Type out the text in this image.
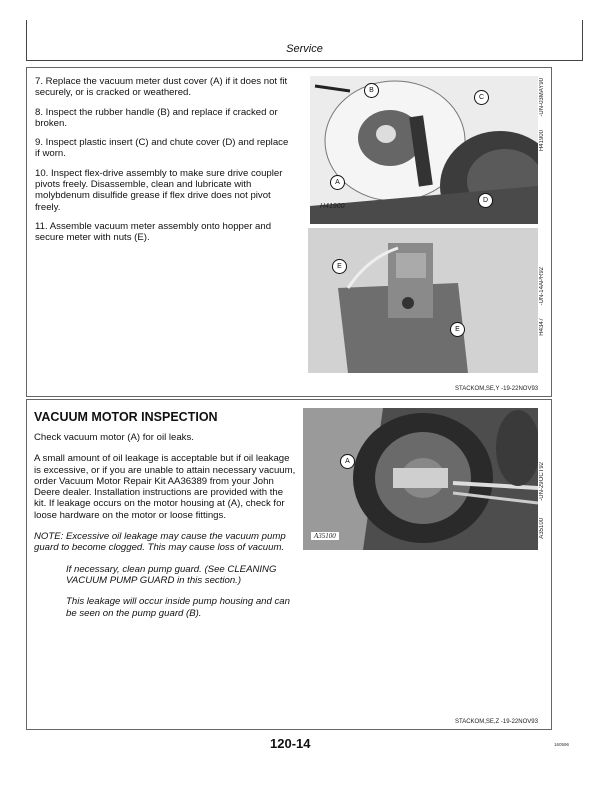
Service

7. Replace the vacuum meter dust cover (A) if it does not fit securely, or is cracked or weathered.

8. Inspect the rubber handle (B) and replace if cracked or broken.

9. Inspect plastic insert (C) and chute cover (D) and replace if worn.

10. Inspect flex-drive assembly to make sure drive coupler pivots freely. Disassemble, clean and lubricate with molybdenum disulfide grease if flex drive does not pivot freely.

11. Assemble vacuum meter assembly onto hopper and secure meter with nuts (E).

B
C
A
D
H41900
H41900
-UN-03MAY90
E
E	H4347
-UN-14APR92
STACKOM,SE,Y -19-22NOV93
VACUUM MOTOR INSPECTION

Check vacuum motor (A) for oil leaks.

A small amount of oil leakage is acceptable but if oil leakage is excessive, or if you are unable to attain necessary vacuum, order Vacuum Motor Repair Kit AA36389 from your John Deere dealer. Installation instructions are provided with the kit. If leakage occurs on the motor housing at (A), check for loose hardware on the motor or loose fittings.

NOTE: Excessive oil leakage may cause the vacuum pump guard to become clogged. This may cause loss of vacuum.

If necessary, clean pump guard. (See CLEANING VACUUM PUMP GUARD in this section.)

This leakage will occur inside pump housing and can be seen on the pump guard (B).

A
A35100	A35100
-UN-29OCT92
STACKOM,SE,Z -19-22NOV93
120-14	160596
